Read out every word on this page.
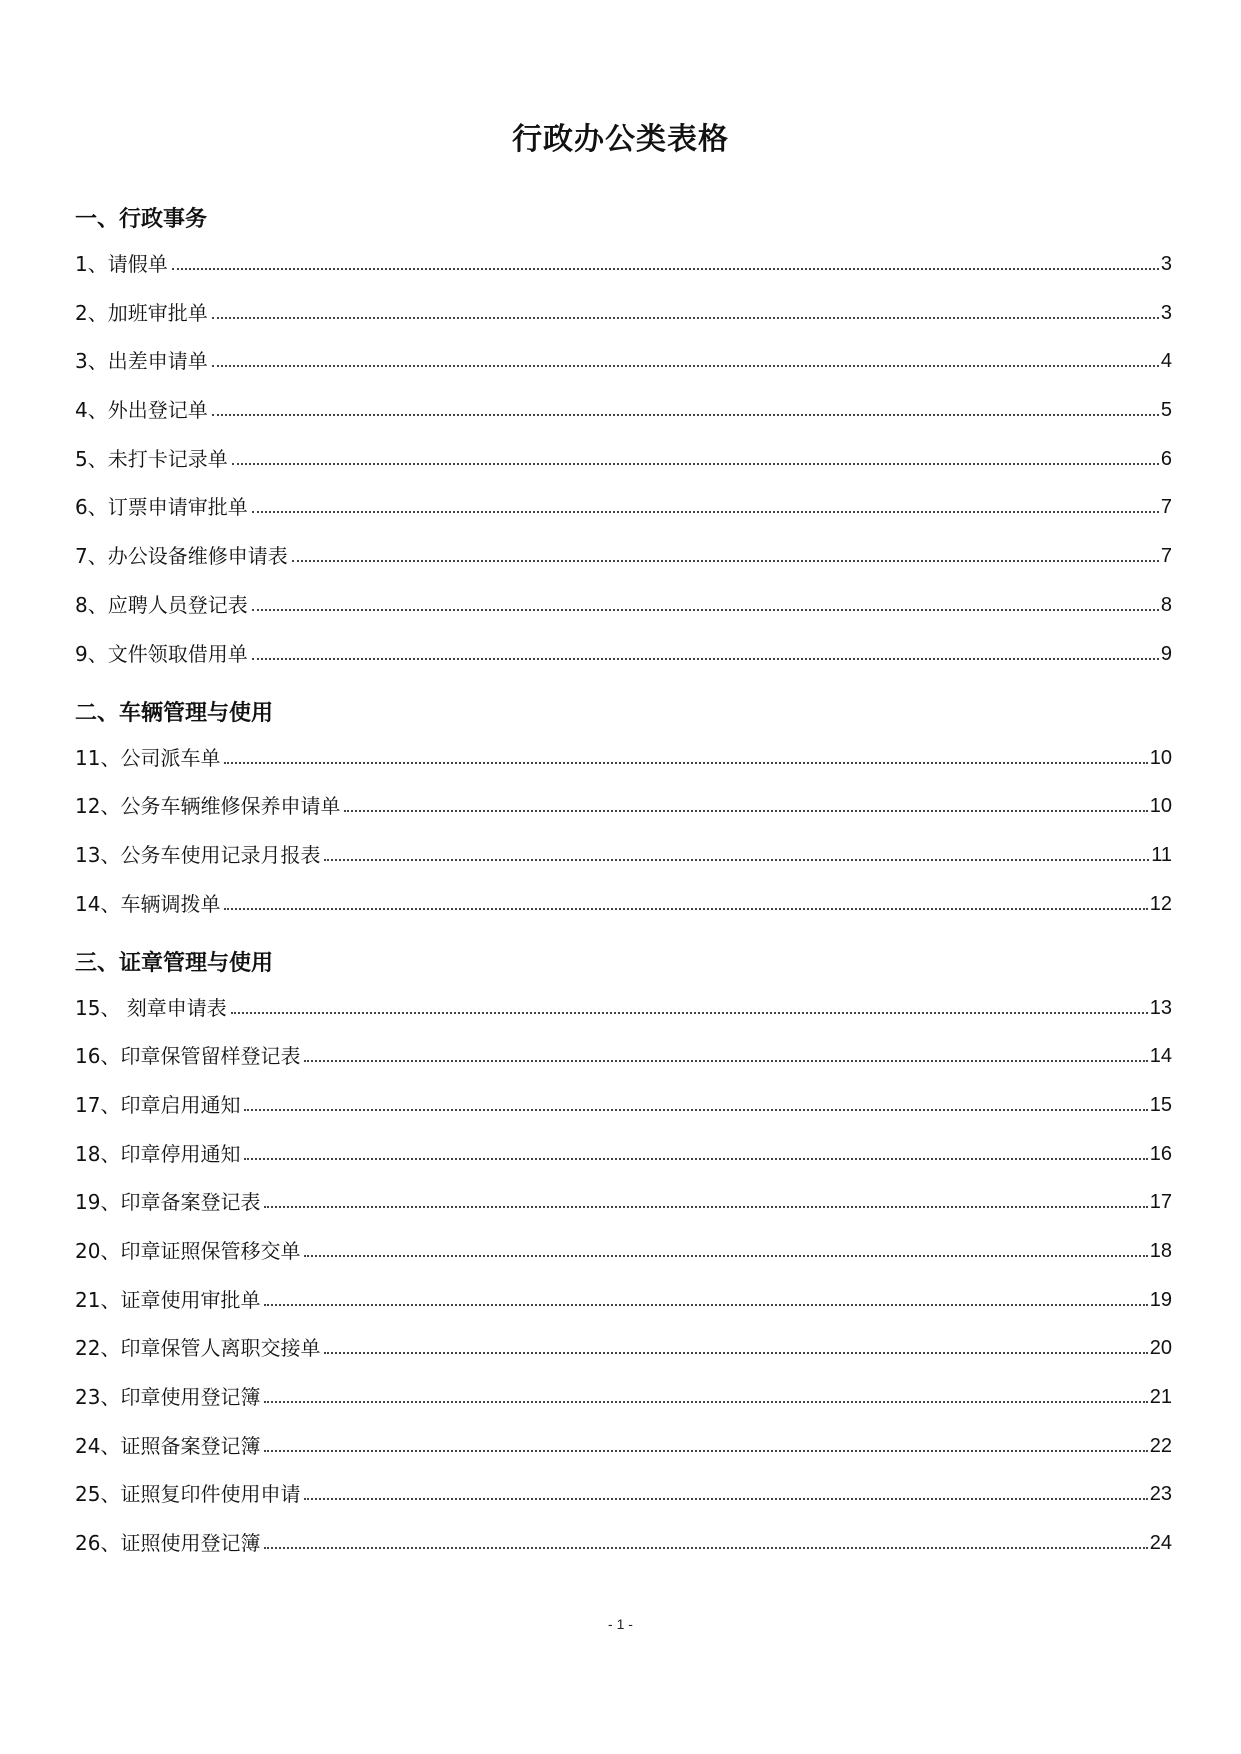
行政办公类表格
一、行政事务
1、请假单	3
2、加班审批单	3
3、出差申请单	4
4、外出登记单	5
5、未打卡记录单	6
6、订票申请审批单	7
7、办公设备维修申请表	7
8、应聘人员登记表	8
9、文件领取借用单	9
二、车辆管理与使用
11、公司派车单	10
12、公务车辆维修保养申请单	10
13、公务车使用记录月报表	11
14、车辆调拨单	12
三、证章管理与使用
15、 刻章申请表	13
16、印章保管留样登记表	14
17、印章启用通知	15
18、印章停用通知	16
19、印章备案登记表	17
20、印章证照保管移交单	18
21、证章使用审批单	19
22、印章保管人离职交接单	20
23、印章使用登记簿	21
24、证照备案登记簿	22
25、证照复印件使用申请	23
26、证照使用登记簿	24
- 1 -
